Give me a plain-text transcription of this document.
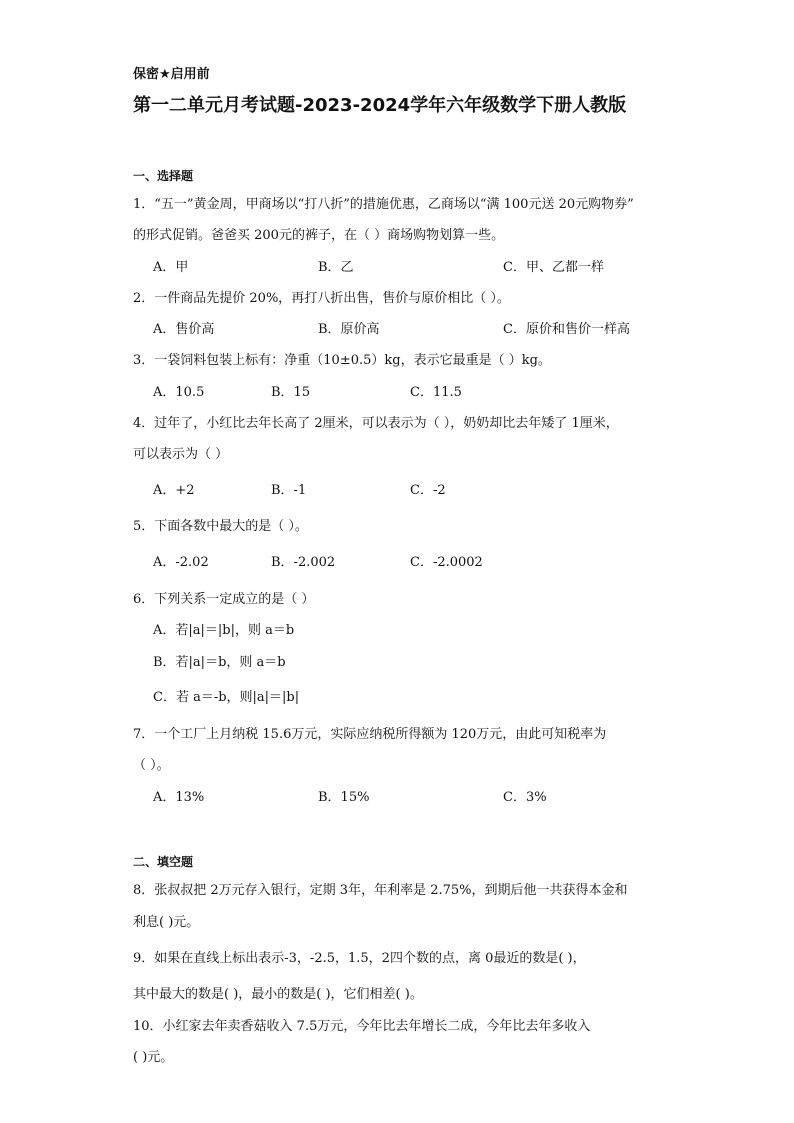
保密★启用前
第一二单元月考试题-2023-2024学年六年级数学下册人教版
一、选择题
1．“五一”黄金周，甲商场以“打八折”的措施优惠，乙商场以“满 100元送 20元购物券”
的形式促销。爸爸买 200元的裤子，在（ ）商场购物划算一些。
A．甲	B．乙	C．甲、乙都一样
2．一件商品先提价 20%，再打八折出售，售价与原价相比（ ）。
A．售价高	B．原价高	C．原价和售价一样高
3．一袋饲料包装上标有：净重（10±0.5）kg，表示它最重是（ ）kg。
A．10.5	B．15	C．11.5
4．过年了，小红比去年长高了 2厘米，可以表示为（ ），奶奶却比去年矮了 1厘米，
可以表示为（ ）
A．+2	B．-1	C．-2
5．下面各数中最大的是（ ）。
A．-2.02	B．-2.002	C．-2.0002
6．下列关系一定成立的是（ ）
A．若|a|＝|b|，则 a＝b
B．若|a|＝b，则 a＝b
C．若 a＝-b，则|a|＝|b|
7．一个工厂上月纳税 15.6万元，实际应纳税所得额为 120万元，由此可知税率为
（ ）。
A．13%	B．15%	C．3%
二、填空题
8．张叔叔把 2万元存入银行，定期 3年，年利率是 2.75%，到期后他一共获得本金和
利息( )元。
9．如果在直线上标出表示-3，-2.5，1.5，2四个数的点，离 0最近的数是( )，
其中最大的数是( )，最小的数是( )，它们相差( )。
10．小红家去年卖香菇收入 7.5万元，今年比去年增长二成，今年比去年多收入
( )元。
